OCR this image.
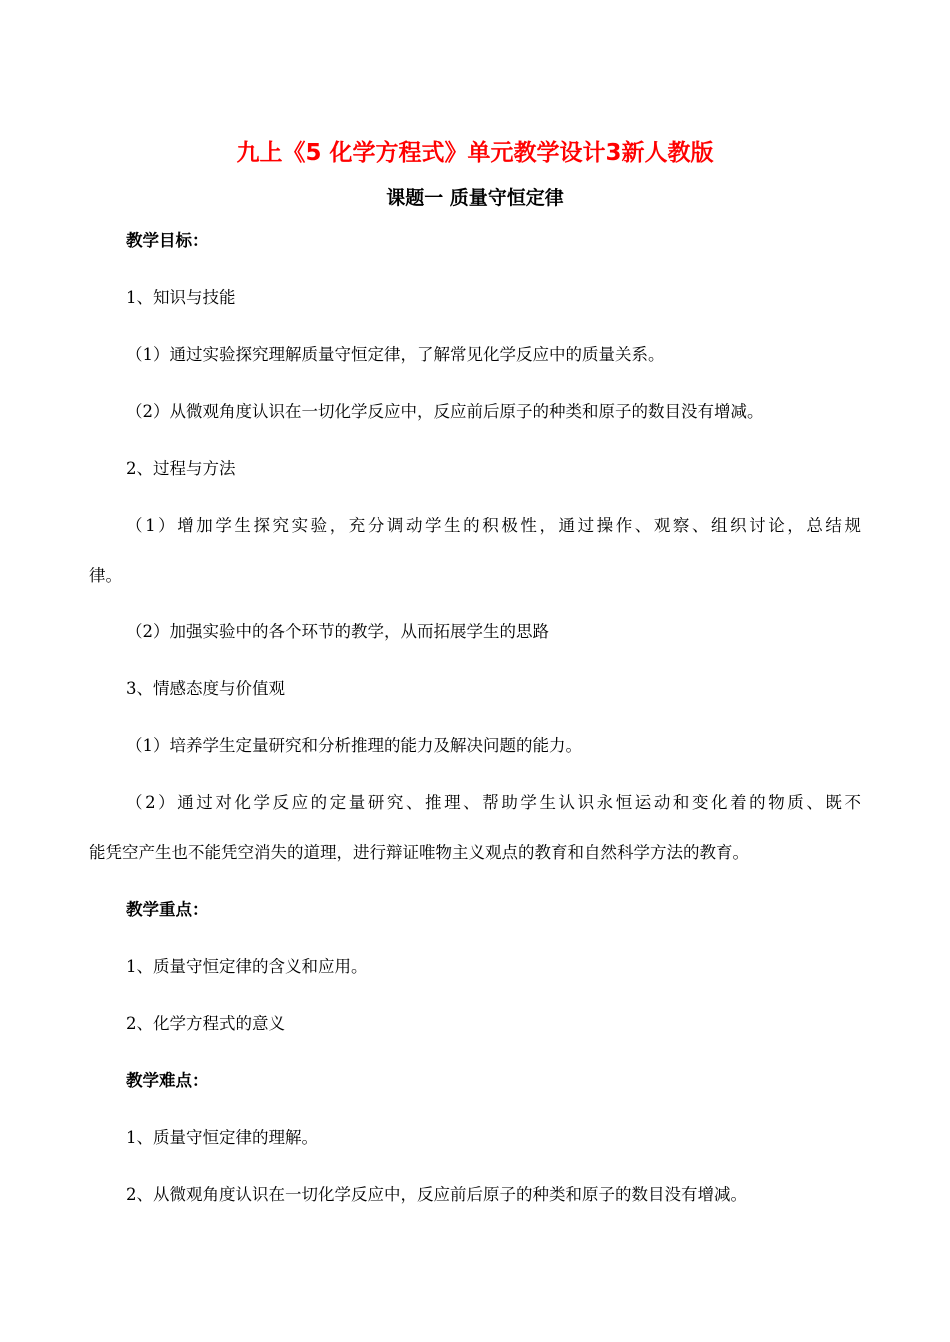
九上《5 化学方程式》单元教学设计3新人教版
课题一 质量守恒定律
教学目标：
1、知识与技能
（1）通过实验探究理解质量守恒定律，了解常见化学反应中的质量关系。
（2）从微观角度认识在一切化学反应中，反应前后原子的种类和原子的数目没有增减。
2、过程与方法
（1）增加学生探究实验，充分调动学生的积极性，通过操作、观察、组织讨论，总结规
律。
（2）加强实验中的各个环节的教学，从而拓展学生的思路
3、情感态度与价值观
（1）培养学生定量研究和分析推理的能力及解决问题的能力。
（2）通过对化学反应的定量研究、推理、帮助学生认识永恒运动和变化着的物质、既不
能凭空产生也不能凭空消失的道理，进行辩证唯物主义观点的教育和自然科学方法的教育。
教学重点：
1、质量守恒定律的含义和应用。
2、化学方程式的意义
教学难点：
1、质量守恒定律的理解。
2、从微观角度认识在一切化学反应中，反应前后原子的种类和原子的数目没有增减。
